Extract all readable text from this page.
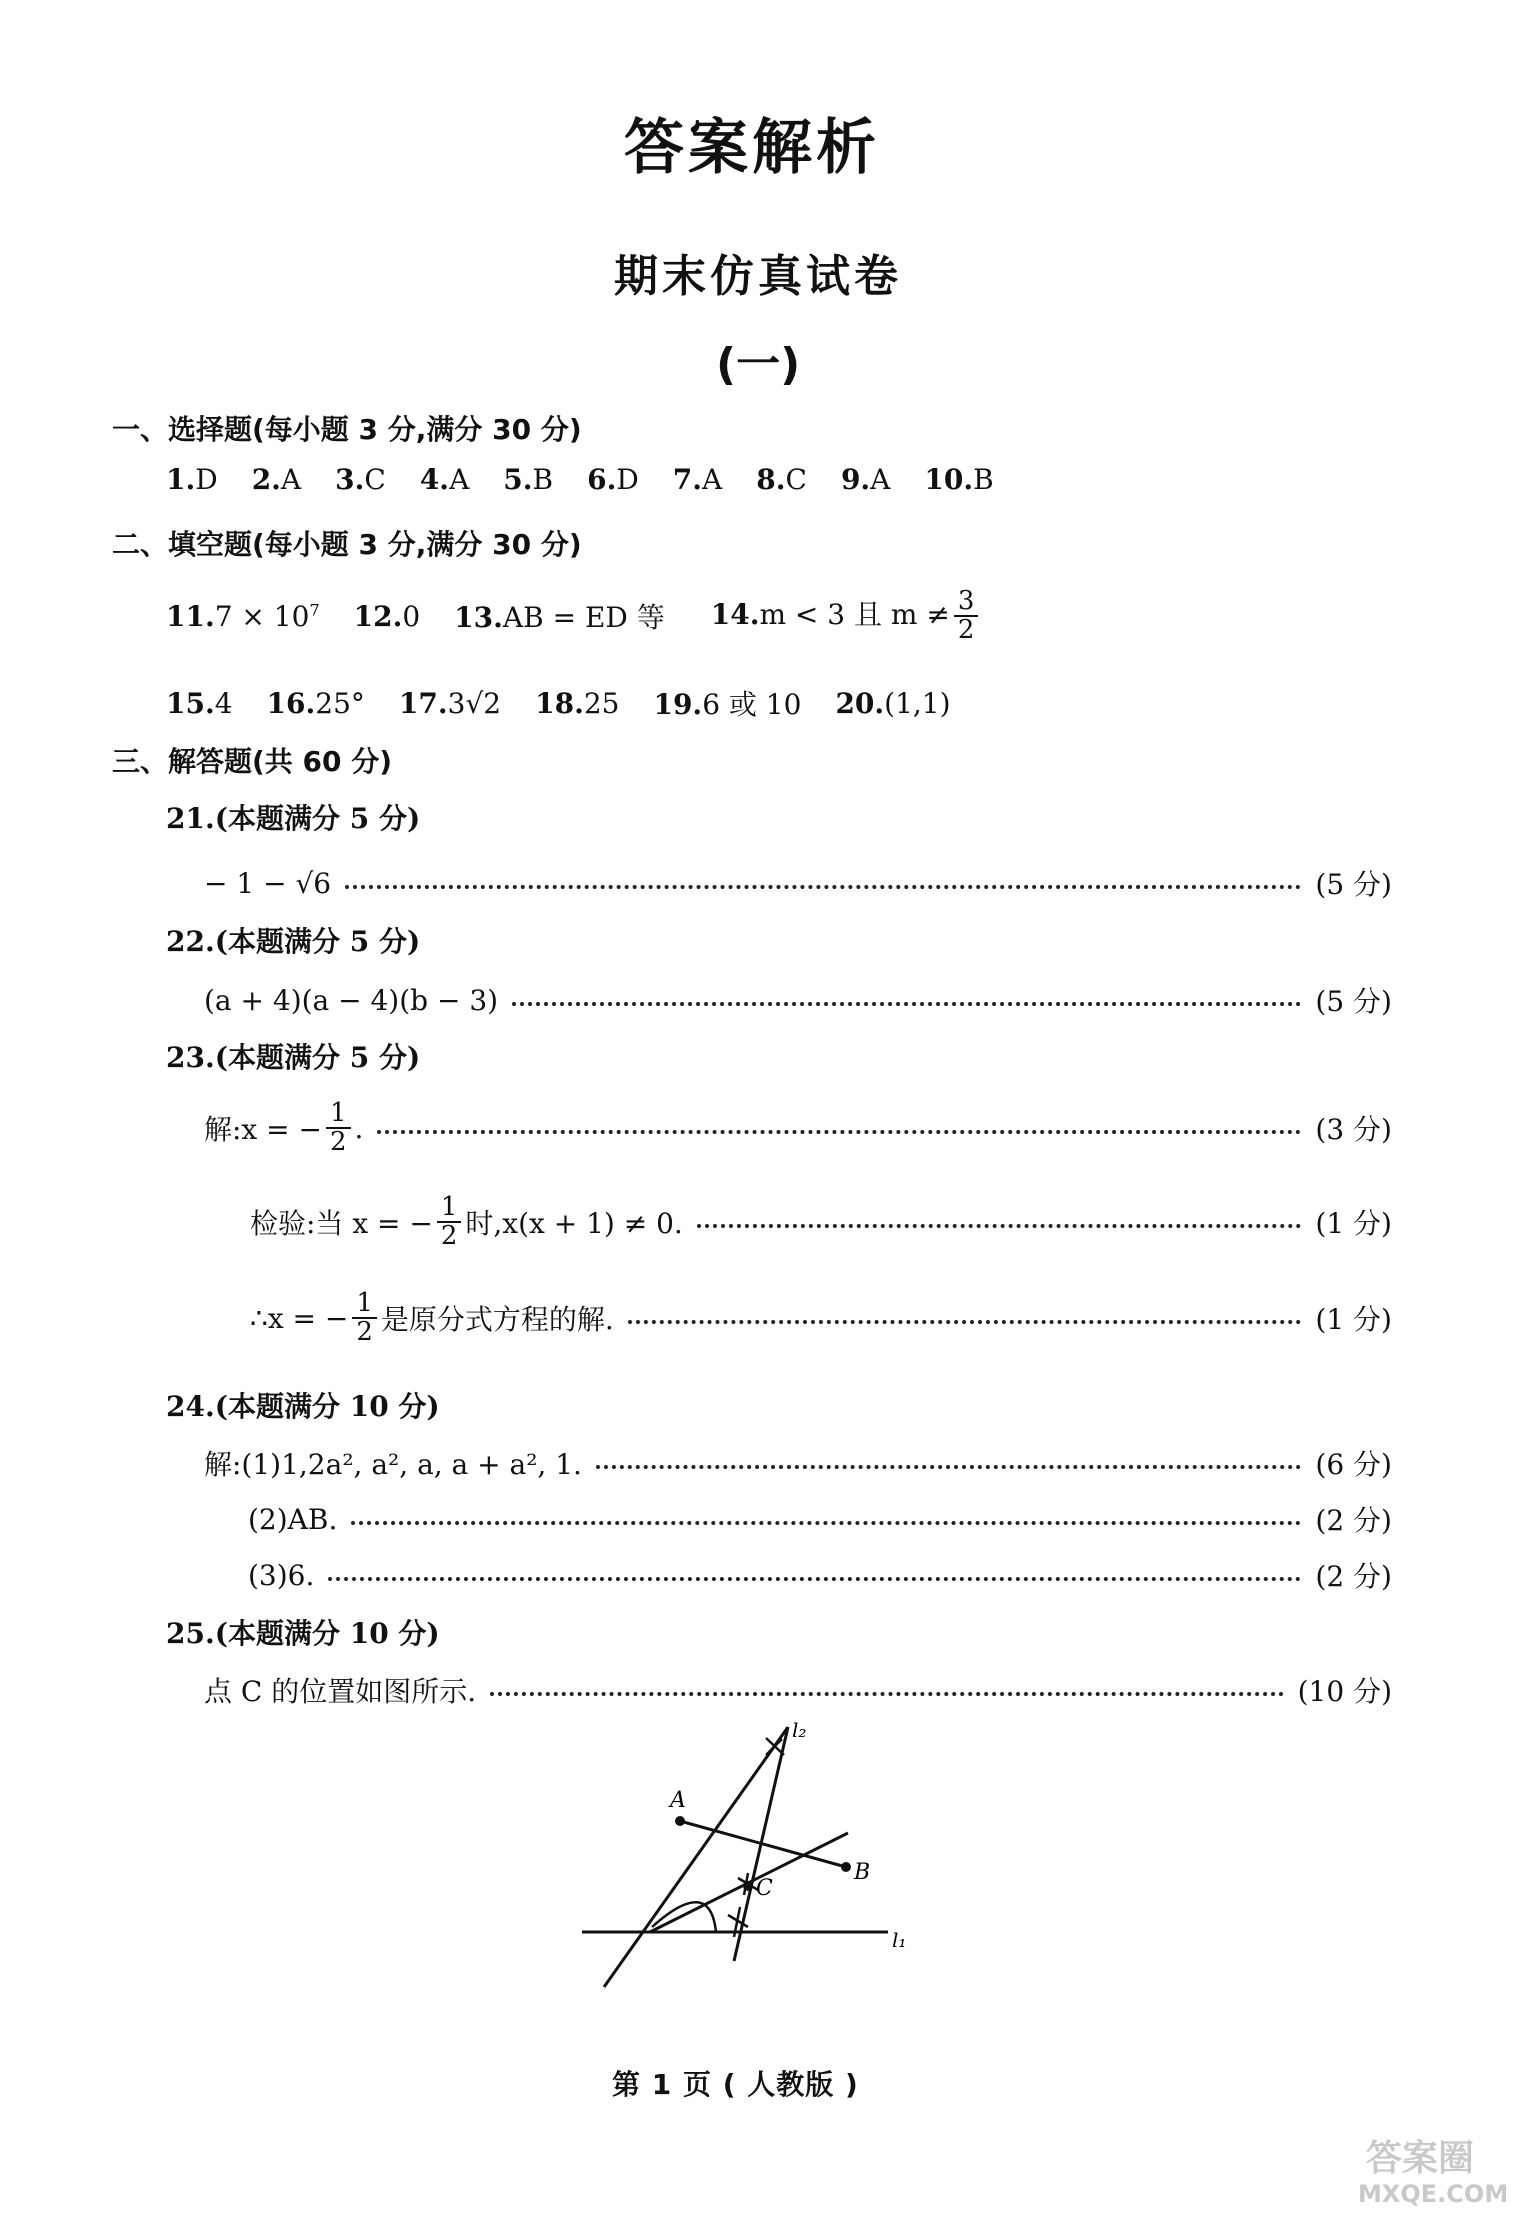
答案解析
期末仿真试卷
(一)
一、选择题(每小题 3 分,满分 30 分)
1.D 2.A 3.C 4.A 5.B 6.D 7.A 8.C 9.A 10.B
二、填空题(每小题 3 分,满分 30 分)
$11.7 \times 10^7$ 12.0 13.AB = ED 等 14.m < 3 且 $m \ne \frac{3}{2}$
15.4 16.25° 17.3√2 18.25 19.6 或 10 20.(1,1)
三、解答题(共 60 分)
21.(本题满分 5 分)
− 1 − √6	(5 分)
22.(本题满分 5 分)
(a + 4)(a − 4)(b − 3)	(5 分)
23.(本题满分 5 分)
解:x = − $\frac{1}{2}$ .	(3 分)
检验:当 x = − $\frac{1}{2}$ 时,x(x + 1) ≠ 0.	(1 分)
∴x = − $\frac{1}{2}$ 是原分式方程的解.	(1 分)
24.(本题满分 10 分)
解:(1)1,2a², a², a, a + a², 1.	(6 分)
(2)AB.	(2 分)
(3)6.	(2 分)
25.(本题满分 10 分)
点 C 的位置如图所示.	(10 分)
A
B
C
l₁
l₂
第 1 页 ( 人教版 )
答案圈
MXQE.COM
